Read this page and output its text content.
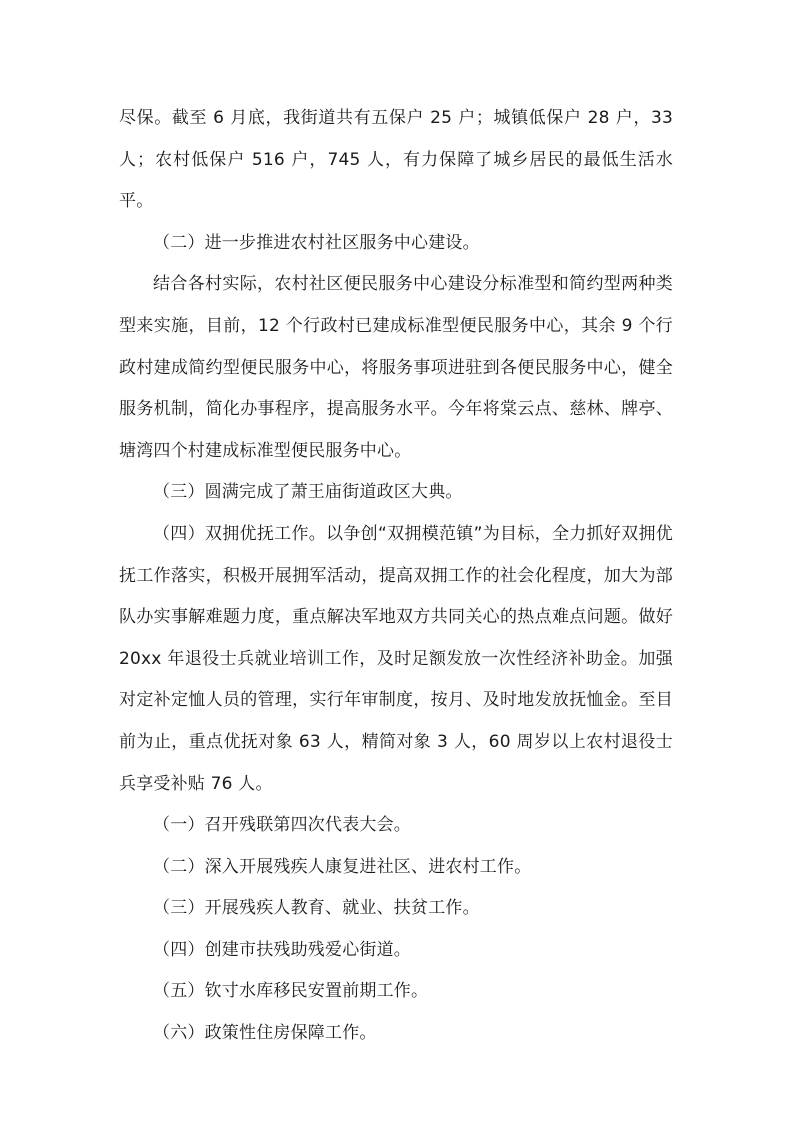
尽保。截至 6 月底，我街道共有五保户 25 户；城镇低保户 28 户，33 人；农村低保户 516 户，745 人，有力保障了城乡居民的最低生活水平。

（二）进一步推进农村社区服务中心建设。

结合各村实际，农村社区便民服务中心建设分标准型和简约型两种类型来实施，目前，12 个行政村已建成标准型便民服务中心，其余 9 个行政村建成简约型便民服务中心，将服务事项进驻到各便民服务中心，健全服务机制，简化办事程序，提高服务水平。今年将棠云点、慈林、牌亭、塘湾四个村建成标准型便民服务中心。

（三）圆满完成了萧王庙街道政区大典。

（四）双拥优抚工作。以争创“双拥模范镇”为目标，全力抓好双拥优抚工作落实，积极开展拥军活动，提高双拥工作的社会化程度，加大为部队办实事解难题力度，重点解决军地双方共同关心的热点难点问题。做好 20xx 年退役士兵就业培训工作，及时足额发放一次性经济补助金。加强对定补定恤人员的管理，实行年审制度，按月、及时地发放抚恤金。至目前为止，重点优抚对象 63 人，精简对象 3 人，60 周岁以上农村退役士兵享受补贴 76 人。

（一）召开残联第四次代表大会。

（二）深入开展残疾人康复进社区、进农村工作。

（三）开展残疾人教育、就业、扶贫工作。

（四）创建市扶残助残爱心街道。

（五）钦寸水库移民安置前期工作。

（六）政策性住房保障工作。
